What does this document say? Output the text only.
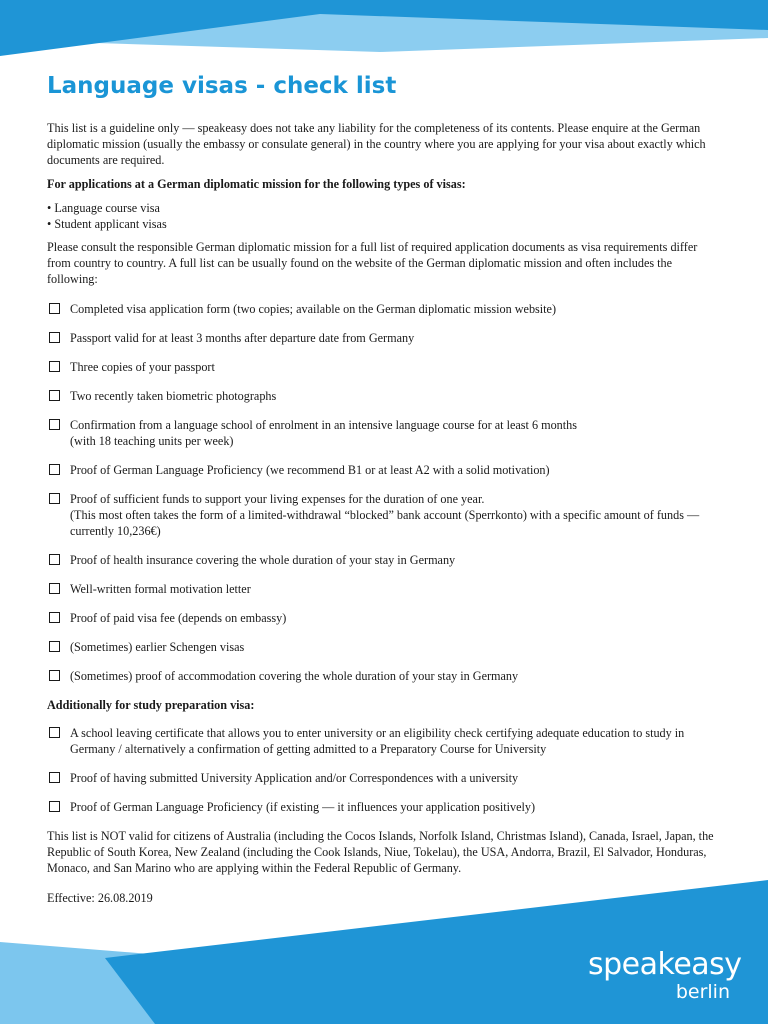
Language visas - check list

This list is a guideline only — speakeasy does not take any liability for the completeness of its contents. Please enquire at the German diplomatic mission (usually the embassy or consulate general) in the country where you are applying for your visa about exactly which documents are required.

For applications at a German diplomatic mission for the following types of visas:

• Language course visa
• Student applicant visas

Please consult the responsible German diplomatic mission for a full list of required application documents as visa requirements differ from country to country. A full list can be usually found on the website of the German diplomatic mission and often includes the following:

Completed visa application form (two copies; available on the German diplomatic mission website)
Passport valid for at least 3 months after departure date from Germany
Three copies of your passport
Two recently taken biometric photographs
Confirmation from a language school of enrolment in an intensive language course for at least 6 months
(with 18 teaching units per week)
Proof of German Language Proficiency (we recommend B1 or at least A2 with a solid motivation)
Proof of sufficient funds to support your living expenses for the duration of one year.
(This most often takes the form of a limited-withdrawal “blocked” bank account (Sperrkonto) with a specific amount of funds — currently 10,236€)
Proof of health insurance covering the whole duration of your stay in Germany
Well-written formal motivation letter
Proof of paid visa fee (depends on embassy)
(Sometimes) earlier Schengen visas
(Sometimes) proof of accommodation covering the whole duration of your stay in Germany

Additionally for study preparation visa:

A school leaving certificate that allows you to enter university or an eligibility check certifying adequate education to study in Germany / alternatively a confirmation of getting admitted to a Preparatory Course for University
Proof of having submitted University Application and/or Correspondences with a university
Proof of German Language Proficiency (if existing — it influences your application positively)

This list is NOT valid for citizens of Australia (including the Cocos Islands, Norfolk Island, Christmas Island), Canada, Israel, Japan, the Republic of South Korea, New Zealand (including the Cook Islands, Niue, Tokelau), the USA, Andorra, Brazil, El Salvador, Honduras, Monaco, and San Marino who are applying within the Federal Republic of Germany.

Effective: 26.08.2019

speakeasy
berlin
